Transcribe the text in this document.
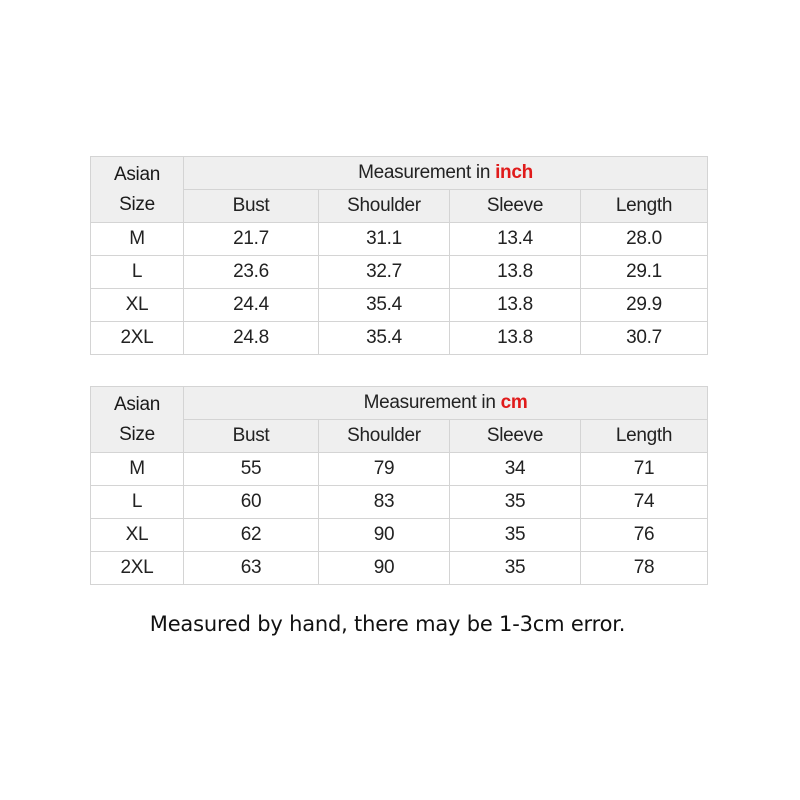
Asian
Size	Measurement in inch			
	Bust	Shoulder	Sleeve	Length
M	21.7	31.1	13.4	28.0
L	23.6	32.7	13.8	29.1
XL	24.4	35.4	13.8	29.9
2XL	24.8	35.4	13.8	30.7
Asian
Size	Measurement in cm			
	Bust	Shoulder	Sleeve	Length
M	55	79	34	71
L	60	83	35	74
XL	62	90	35	76
2XL	63	90	35	78
Measured by hand, there may be 1-3cm error.
